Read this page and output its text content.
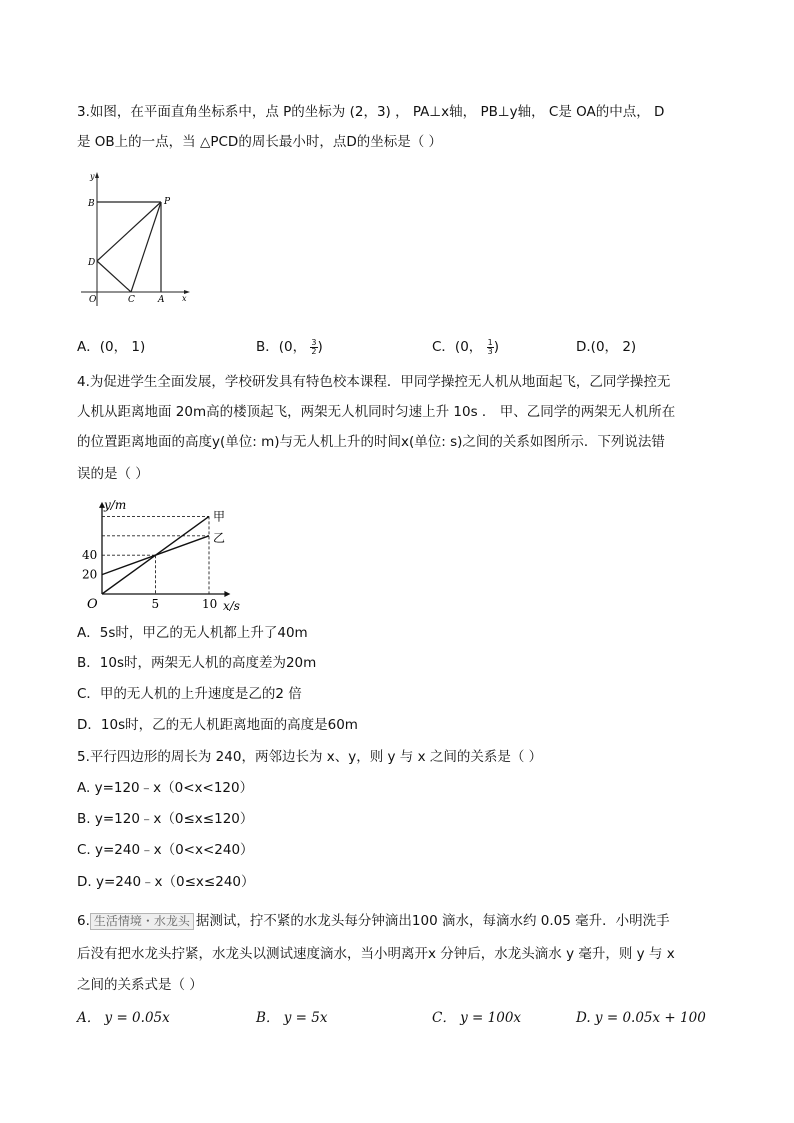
3.如图，在平面直角坐标系中，点 P的坐标为 (2，3) ， PA⊥x轴， PB⊥y轴， C是 OA的中点， D
是 OB上的一点，当 △PCD的周长最小时，点D的坐标是（ ）
y
x
B	P
D
O	C	A
A．(0， 1)	B．(0， $\frac{3}{2}$ )	C．(0， $\frac{1}{3}$ )	D.(0， 2)
4.为促进学生全面发展，学校研发具有特色校本课程．甲同学操控无人机从地面起飞，乙同学操控无
人机从距离地面 20m高的楼顶起飞，两架无人机同时匀速上升 10s ． 甲、乙同学的两架无人机所在
的位置距离地面的高度y(单位: m)与无人机上升的时间x(单位: s)之间的关系如图所示．下列说法错
误的是（ ）
甲
乙
5	10
20
40
O	x/s
y/m
A．5s时，甲乙的无人机都上升了40m
B．10s时，两架无人机的高度差为20m
C．甲的无人机的上升速度是乙的2 倍
D．10s时，乙的无人机距离地面的高度是60m
5.平行四边形的周长为 240，两邻边长为 x、y，则 y 与 x 之间的关系是（ ）
A. y=120﹣x（0<x<120）
B. y=120﹣x（0≤x≤120）
C. y=240﹣x（0<x<240）
D. y=240﹣x（0≤x≤240）
6. 生活情境・水龙头 据测试，拧不紧的水龙头每分钟滴出100 滴水，每滴水约 0.05 毫升．小明洗手
后没有把水龙头拧紧，水龙头以测试速度滴水，当小明离开x 分钟后，水龙头滴水 y 毫升，则 y 与 x
之间的关系式是（ ）
A． y = 0.05x	B． y = 5x	C． y = 100x	D. y = 0.05x + 100
